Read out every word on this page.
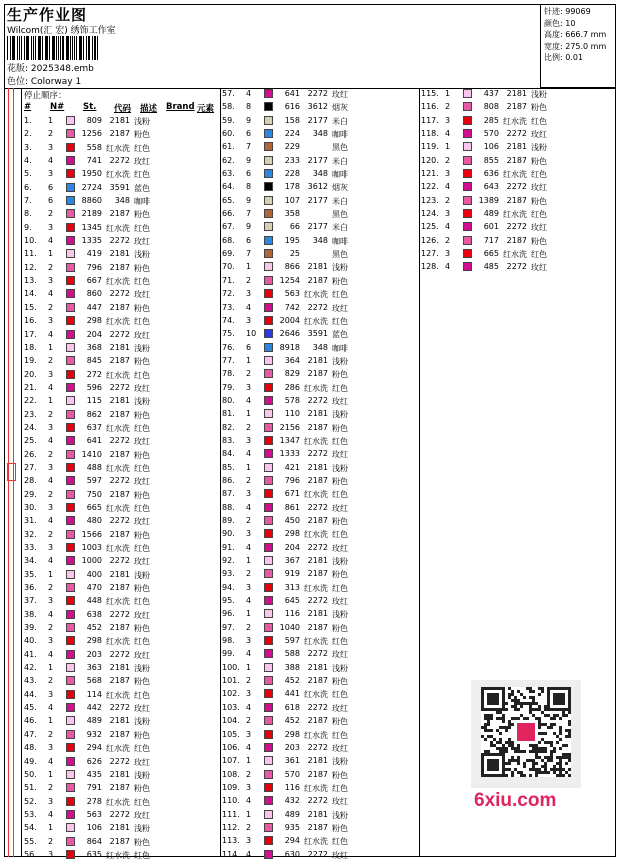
生产作业图
Wilcom(汇 宏) 绣饰工作室
花版: 2025348.emb
色位: Colorway 1
针迹: 99069
颜色: 10
高度: 666.7 mm
宽度: 275.0 mm
比例: 0.01
停止顺序：
# N# St. 代码 描述 Brand 元素
1.	1	809 2181 浅粉
2.	2	1256 2187 粉色
3.	3	558 红水洗 红色
4.	4	741 2272 玫红
5.	3	1950 红水洗 红色
6.	6	2724 3591 蓝色
7.	6	8860	348 咖啡
8.	2	2189 2187 粉色
9.	3	1345 红水洗 红色
10.	4	1335 2272 玫红
11.	1	419 2181 浅粉
12.	2	796 2187 粉色
13.	3	667 红水洗 红色
14.	4	860 2272 玫红
15.	2	447 2187 粉色
16.	3	298 红水洗 红色
17.	4	204 2272 玫红
18.	1	368 2181 浅粉
19.	2	845 2187 粉色
20.	3	272 红水洗 红色
21.	4	596 2272 玫红
22.	1	115 2181 浅粉
23.	2	862 2187 粉色
24.	3	637 红水洗 红色
25.	4	641 2272 玫红
26.	2	1410 2187 粉色
27.	3	488 红水洗 红色
28.	4	597 2272 玫红
29.	2	750 2187 粉色
30.	3	665 红水洗 红色
31.	4	480 2272 玫红
32.	2	1566 2187 粉色
33.	3	1003 红水洗 红色
34.	4	1000 2272 玫红
35.	1	400 2181 浅粉
36.	2	470 2187 粉色
37.	3	448 红水洗 红色
38.	4	638 2272 玫红
39.	2	452 2187 粉色
40.	3	298 红水洗 红色
41.	4	203 2272 玫红
42.	1	363 2181 浅粉
43.	2	568 2187 粉色
44.	3	114 红水洗 红色
45.	4	442 2272 玫红
46.	1	489 2181 浅粉
47.	2	932 2187 粉色
48.	3	294 红水洗 红色
49.	4	626 2272 玫红
50.	1	435 2181 浅粉
51.	2	791 2187 粉色
52.	3	278 红水洗 红色
53.	4	563 2272 玫红
54.	1	106 2181 浅粉
55.	2	864 2187 粉色
56.	3	635 红水洗 红色
57.	4	641 2272 玫红
58.	8	616 3612 烟灰
59.	9	158 2177 米白
60.	6	224	348 咖啡
61.	7	229	黑色
62.	9	233 2177 米白
63.	6	228	348 咖啡
64.	8	178 3612 烟灰
65.	9	107 2177 米白
66.	7	358	黑色
67.	9	66 2177 米白
68.	6	195	348 咖啡
69.	7	25	黑色
70.	1	866 2181 浅粉
71.	2	1254 2187 粉色
72.	3	563 红水洗 红色
73.	4	742 2272 玫红
74.	3	2004 红水洗 红色
75.	10	2646 3591 蓝色
76.	6	8918	348 咖啡
77.	1	364 2181 浅粉
78.	2	829 2187 粉色
79.	3	286 红水洗 红色
80.	4	578 2272 玫红
81.	1	110 2181 浅粉
82.	2	2156 2187 粉色
83.	3	1347 红水洗 红色
84.	4	1333 2272 玫红
85.	1	421 2181 浅粉
86.	2	796 2187 粉色
87.	3	671 红水洗 红色
88.	4	861 2272 玫红
89.	2	450 2187 粉色
90.	3	298 红水洗 红色
91.	4	204 2272 玫红
92.	1	367 2181 浅粉
93.	2	919 2187 粉色
94.	3	313 红水洗 红色
95.	4	645 2272 玫红
96.	1	116 2181 浅粉
97.	2	1040 2187 粉色
98.	3	597 红水洗 红色
99.	4	588 2272 玫红
100. 1	388 2181 浅粉
101. 2	452 2187 粉色
102. 3	441 红水洗 红色
103. 4	618 2272 玫红
104. 2	452 2187 粉色
105. 3	298 红水洗 红色
106. 4	203 2272 玫红
107. 1	361 2181 浅粉
108. 2	570 2187 粉色
109. 3	116 红水洗 红色
110. 4	432 2272 玫红
111. 1	489 2181 浅粉
112. 2	935 2187 粉色
113. 3	294 红水洗 红色
114. 4	630 2272 玫红
115. 1	437 2181 浅粉
116. 2	808 2187 粉色
117. 3	285 红水洗 红色
118. 4	570 2272 玫红
119. 1	106 2181 浅粉
120. 2	855 2187 粉色
121. 3	636 红水洗 红色
122. 4	643 2272 玫红
123. 2	1389 2187 粉色
124. 3	489 红水洗 红色
125. 4	601 2272 玫红
126. 2	717 2187 粉色
127. 3	665 红水洗 红色
128. 4	485 2272 玫红
6xiu.com
